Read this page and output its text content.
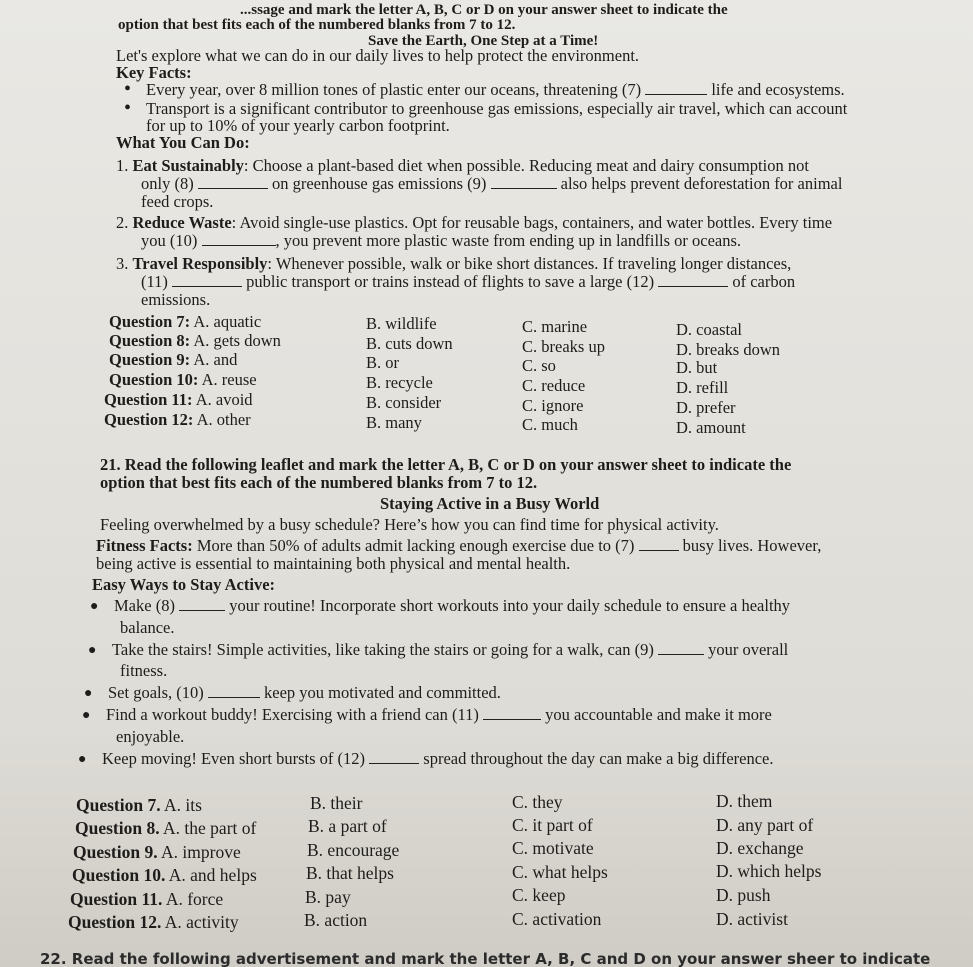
...ssage and mark the letter A, B, C or D on your answer sheet to indicate the
option that best fits each of the numbered blanks from 7 to 12.
Save the Earth, One Step at a Time!
Let's explore what we can do in our daily lives to help protect the environment.
Key Facts:
• Every year, over 8 million tones of plastic enter our oceans, threatening (7)	life and ecosystems.
• Transport is a significant contributor to greenhouse gas emissions, especially air travel, which can account
for up to 10% of your yearly carbon footprint.
What You Can Do:
1. Eat Sustainably: Choose a plant-based diet when possible. Reducing meat and dairy consumption not
only (8)	on greenhouse gas emissions (9)	also helps prevent deforestation for animal
feed crops.
2. Reduce Waste: Avoid single-use plastics. Opt for reusable bags, containers, and water bottles. Every time
you (10)	, you prevent more plastic waste from ending up in landfills or oceans.
3. Travel Responsibly: Whenever possible, walk or bike short distances. If traveling longer distances,
(11)	public transport or trains instead of flights to save a large (12)	of carbon
emissions.
Question 7: A. aquatic	B. wildlife	C. marine	D. coastal
Question 8: A. gets down	B. cuts down	C. breaks up	D. breaks down
Question 9: A. and	B. or	C. so	D. but
Question 10: A. reuse	B. recycle	C. reduce	D. refill
Question 11: A. avoid	B. consider	C. ignore	D. prefer
Question 12: A. other	B. many	C. much	D. amount
21. Read the following leaflet and mark the letter A, B, C or D on your answer sheet to indicate the
option that best fits each of the numbered blanks from 7 to 12.
Staying Active in a Busy World
Feeling overwhelmed by a busy schedule? Here’s how you can find time for physical activity.
Fitness Facts: More than 50% of adults admit lacking enough exercise due to (7)	busy lives. However,
being active is essential to maintaining both physical and mental health.
Easy Ways to Stay Active:
● Make (8)	your routine! Incorporate short workouts into your daily schedule to ensure a healthy
balance.
● Take the stairs! Simple activities, like taking the stairs or going for a walk, can (9)	your overall
fitness.
● Set goals, (10)	keep you motivated and committed.
● Find a workout buddy! Exercising with a friend can (11)	you accountable and make it more
enjoyable.
● Keep moving! Even short bursts of (12)	spread throughout the day can make a big difference.
Question 7. A. its	B. their	C. they	D. them
Question 8. A. the part of	B. a part of	C. it part of	D. any part of
Question 9. A. improve	B. encourage	C. motivate	D. exchange
Question 10. A. and helps	B. that helps	C. what helps	D. which helps
Question 11. A. force	B. pay	C. keep	D. push
Question 12. A. activity	B. action	C. activation	D. activist
22. Read the following advertisement and mark the letter A, B, C and D on your answer sheer to indicate
